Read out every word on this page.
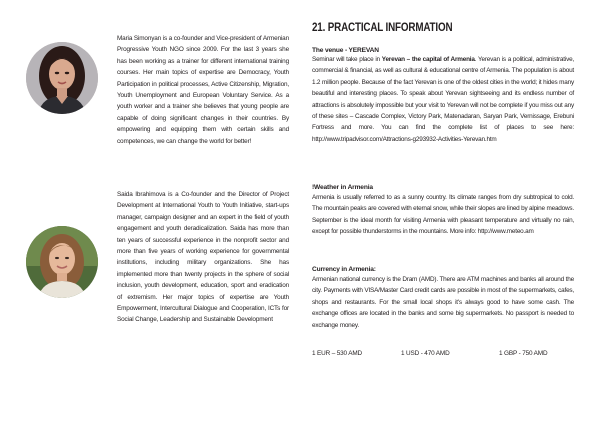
Maria Simonyan is a co-founder and Vice-president of Armenian Progressive Youth NGO since 2009. For the last 3 years she has been working as a trainer for different international training courses. Her main topics of expertise are Democracy, Youth Participation in political processes, Active Citizenship, Migration, Youth Unemployment and European Voluntary Service. As a youth worker and a trainer she believes that young people are capable of doing significant changes in their countries. By empowering and equipping them with certain skills and competences, we can change the world for better!
Saida Ibrahimova is a Co-founder and the Director of Project Development at International Youth to Youth Initiative, start-ups manager, campaign designer and an expert in the field of youth engagement and youth deradicalization. Saida has more than ten years of successful experience in the nonprofit sector and more than five years of working experience for governmental institutions, including military organizations. She has implemented more than twenty projects in the sphere of social inclusion, youth development, education, sport and eradication of extremism. Her major topics of expertise are Youth Empowerment, Intercultural Dialogue and Cooperation, ICTs for Social Change, Leadership and Sustainable Development
21. PRACTICAL INFORMATION
The venue - YEREVAN
Seminar will take place in Yerevan – the capital of Armenia. Yerevan is a political, administrative, commercial & financial, as well as cultural & educational centre of Armenia. The population is about 1.2 million people. Because of the fact Yerevan is one of the oldest cities in the world; it hides many beautiful and interesting places. To speak about Yerevan sightseeing and its endless number of attractions is absolutely impossible but your visit to Yerevan will not be complete if you miss out any of these sites – Cascade Complex, Victory Park, Matenadaran, Saryan Park, Vernissage, Erebuni Fortress and more. You can find the complete list of places to see here: http://www.tripadvisor.com/Attractions-g293932-Activities-Yerevan.htm
!Weather in Armenia
Armenia is usually referred to as a sunny country. Its climate ranges from dry subtropical to cold. The mountain peaks are covered with eternal snow, while their slopes are lined by alpine meadows. September is the ideal month for visiting Armenia with pleasant temperature and virtually no rain, except for possible thunderstorms in the mountains. More info: http://www.meteo.am
Currency in Armenia:
Armenian national currency is the Dram (AMD). There are ATM machines and banks all around the city. Payments with VISA/Master Card credit cards are possible in most of the supermarkets, cafes, shops and restaurants. For the small local shops it's always good to have some cash. The exchange offices are located in the banks and some big supermarkets. No passport is needed to exchange money.
1 EUR – 530 AMD	1 USD - 470 AMD	1 GBP - 750 AMD
